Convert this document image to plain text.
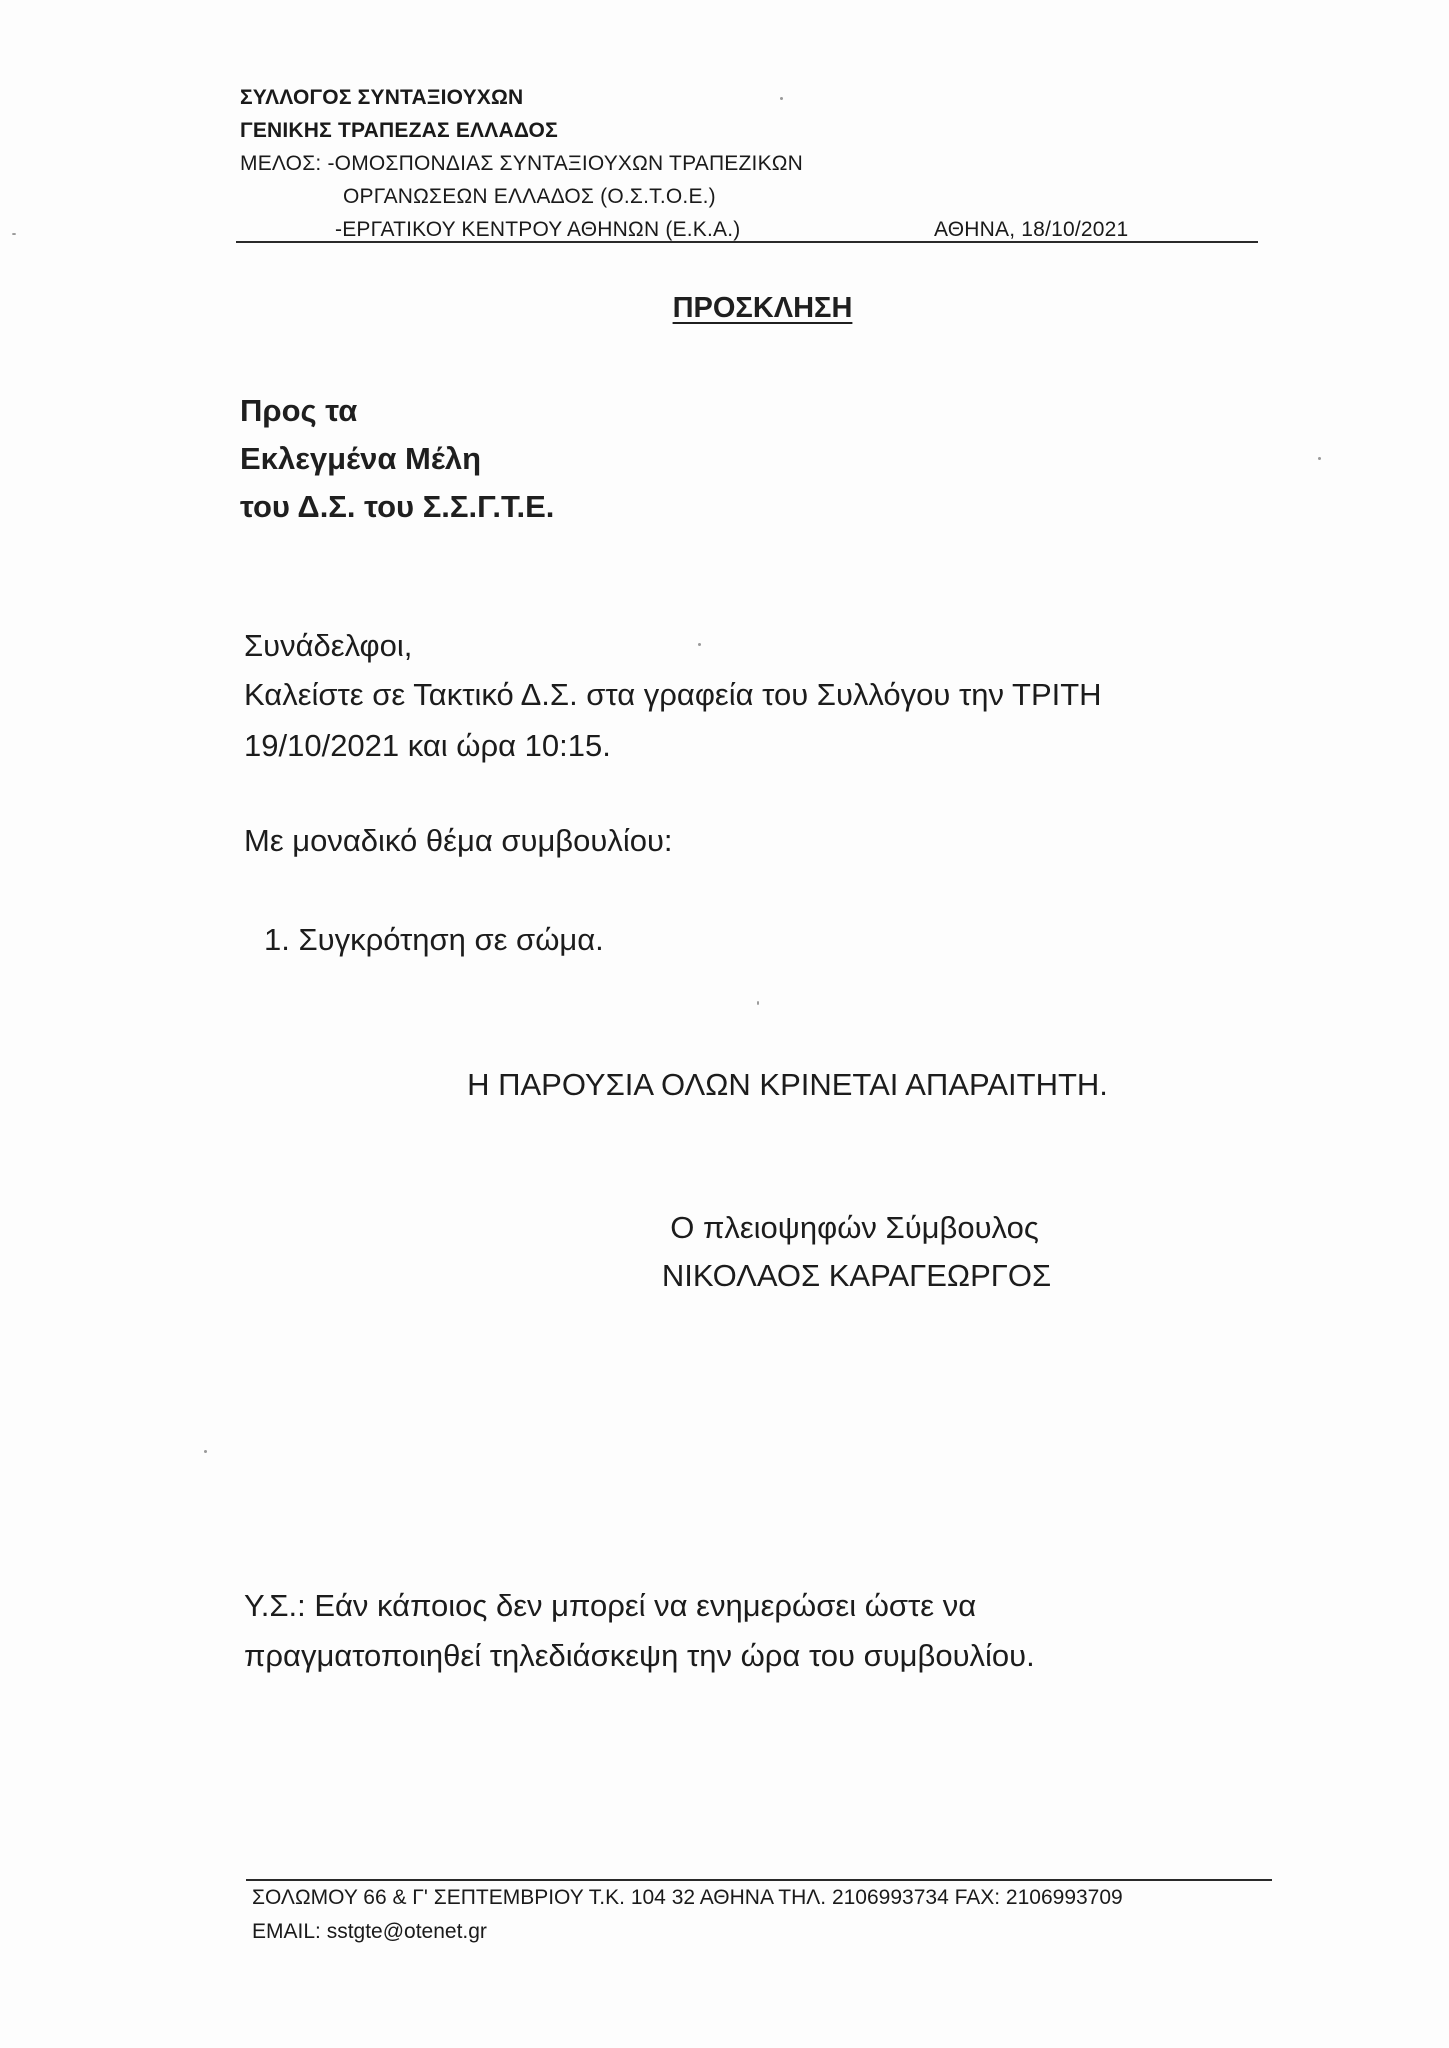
ΣΥΛΛΟΓΟΣ ΣΥΝΤΑΞΙΟΥΧΩΝ
ΓΕΝΙΚΗΣ ΤΡΑΠΕΖΑΣ ΕΛΛΑΔΟΣ
ΜΕΛΟΣ: -ΟΜΟΣΠΟΝΔΙΑΣ ΣΥΝΤΑΞΙΟΥΧΩΝ ΤΡΑΠΕΖΙΚΩΝ
ΟΡΓΑΝΩΣΕΩΝ ΕΛΛΑΔΟΣ (Ο.Σ.Τ.Ο.Ε.)
-ΕΡΓΑΤΙΚΟΥ ΚΕΝΤΡΟΥ ΑΘΗΝΩΝ (Ε.Κ.Α.)	ΑΘΗΝΑ, 18/10/2021
ΠΡΟΣΚΛΗΣΗ
Προς τα
Εκλεγμένα Μέλη
του Δ.Σ. του Σ.Σ.Γ.Τ.Ε.
Συνάδελφοι,
Καλείστε σε Τακτικό Δ.Σ. στα γραφεία του Συλλόγου την ΤΡΙΤΗ
19/10/2021 και ώρα 10:15.
Με μοναδικό θέμα συμβουλίου:
1. Συγκρότηση σε σώμα.
Η ΠΑΡΟΥΣΙΑ ΟΛΩΝ ΚΡΙΝΕΤΑΙ ΑΠΑΡΑΙΤΗΤΗ.
Ο πλειοψηφών Σύμβουλος
ΝΙΚΟΛΑΟΣ ΚΑΡΑΓΕΩΡΓΟΣ
Υ.Σ.: Εάν κάποιος δεν μπορεί να ενημερώσει ώστε να
πραγματοποιηθεί τηλεδιάσκεψη την ώρα του συμβουλίου.
ΣΟΛΩΜΟΥ 66 & Γ' ΣΕΠΤΕΜΒΡΙΟΥ Τ.Κ. 104 32 ΑΘΗΝΑ ΤΗΛ. 2106993734 FAX: 2106993709
EMAIL: sstgte@otenet.gr
